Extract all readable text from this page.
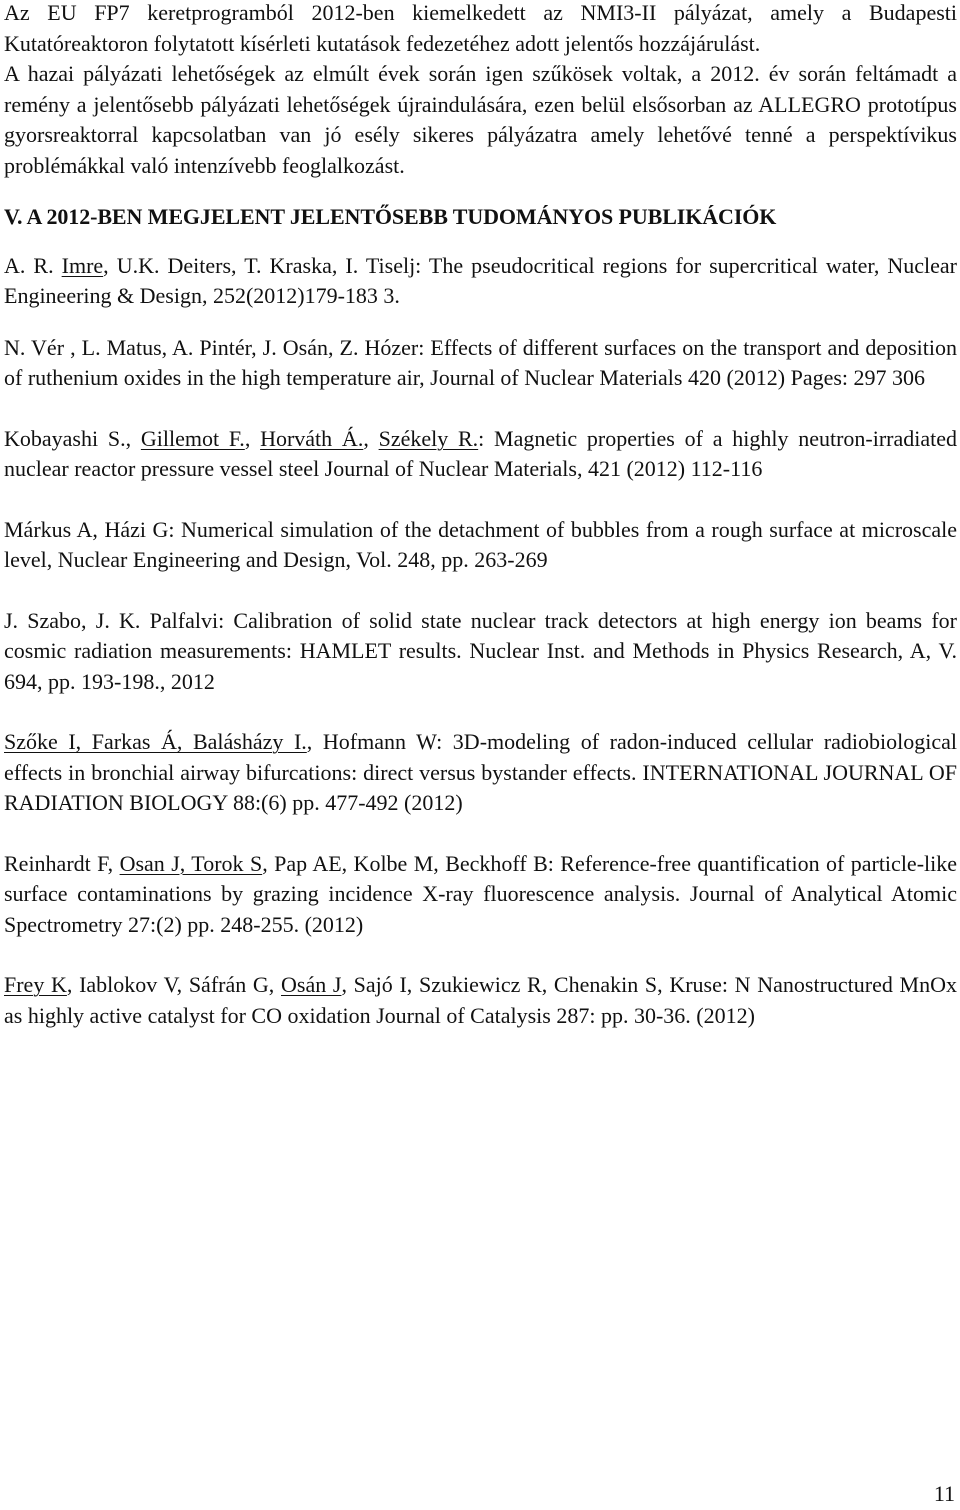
Az EU FP7 keretprogramból 2012-ben kiemelkedett az NMI3-II pályázat, amely a Budapesti Kutatóreaktoron folytatott kísérleti kutatások fedezetéhez adott jelentős hozzájárulást.

A hazai pályázati lehetőségek az elmúlt évek során igen szűkösek voltak, a 2012. év során feltámadt a remény a jelentősebb pályázati lehetőségek újraindulására, ezen belül elsősorban az ALLEGRO prototípus gyorsreaktorral kapcsolatban van jó esély sikeres pályázatra amely lehetővé tenné a perspektívikus problémákkal való intenzívebb feoglalkozást.

V. A 2012-BEN MEGJELENT JELENTŐSEBB TUDOMÁNYOS PUBLIKÁCIÓK

A. R. Imre, U.K. Deiters, T. Kraska, I. Tiselj: The pseudocritical regions for supercritical water, Nuclear Engineering & Design, 252(2012)179-183 3.

N. Vér , L. Matus, A. Pintér, J. Osán, Z. Hózer: Effects of different surfaces on the transport and deposition of ruthenium oxides in the high temperature air, Journal of Nuclear Materials 420 (2012) Pages: 297 306

Kobayashi S., Gillemot F., Horváth Á., Székely R.: Magnetic properties of a highly neutron-irradiated nuclear reactor pressure vessel steel Journal of Nuclear Materials, 421 (2012) 112-116

Márkus A, Házi G: Numerical simulation of the detachment of bubbles from a rough surface at microscale level, Nuclear Engineering and Design, Vol. 248, pp. 263-269

J. Szabo, J. K. Palfalvi: Calibration of solid state nuclear track detectors at high energy ion beams for cosmic radiation measurements: HAMLET results. Nuclear Inst. and Methods in Physics Research, A, V. 694, pp. 193-198., 2012

Szőke I, Farkas Á, Balásházy I., Hofmann W: 3D-modeling of radon-induced cellular radiobiological effects in bronchial airway bifurcations: direct versus bystander effects. INTERNATIONAL JOURNAL OF RADIATION BIOLOGY 88:(6) pp. 477-492 (2012)

Reinhardt F, Osan J, Torok S, Pap AE, Kolbe M, Beckhoff B: Reference-free quantification of particle-like surface contaminations by grazing incidence X-ray fluorescence analysis. Journal of Analytical Atomic Spectrometry 27:(2) pp. 248-255. (2012)

Frey K, Iablokov V, Sáfrán G, Osán J, Sajó I, Szukiewicz R, Chenakin S, Kruse: N Nanostructured MnOx as highly active catalyst for CO oxidation Journal of Catalysis 287: pp. 30-36. (2012)

11
